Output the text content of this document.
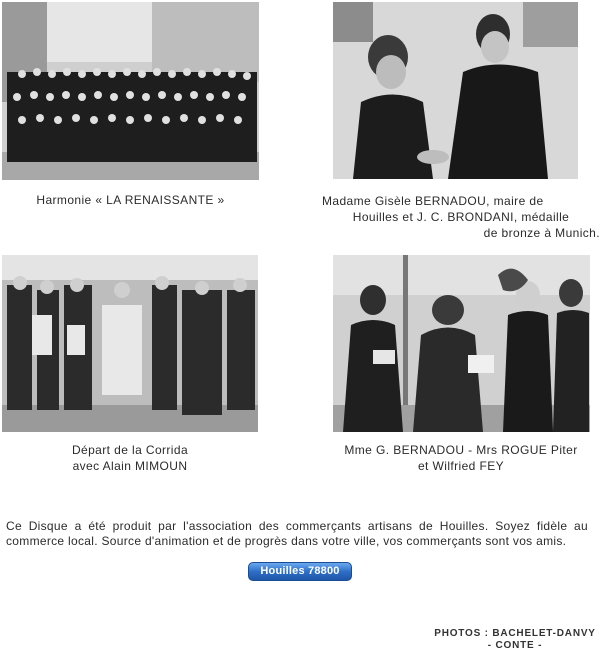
Harmonie « LA RENAISSANTE »	Madame Gisèle BERNADOU, maire de
Houilles et J. C. BRONDANI, médaille
de bronze à Munich.
Départ de la Corrida
avec Alain MIMOUN
Mme G. BERNADOU - Mrs ROGUE Piter
et Wilfried FEY
Ce Disque a été produit par l'association des commerçants artisans de Houilles. Soyez fidèle au commerce local. Source d'animation et de progrès dans votre ville, vos commerçants sont vos amis.
Houilles 78800
PHOTOS : BACHELET-DANVY
- CONTE -
